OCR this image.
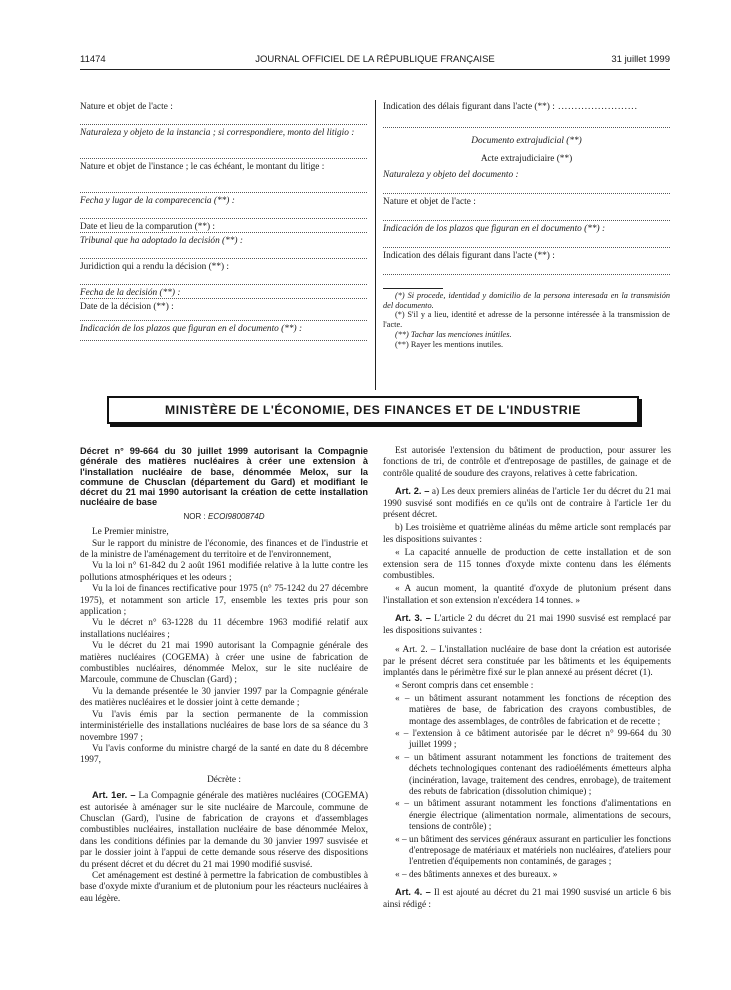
11474	JOURNAL OFFICIEL DE LA RÉPUBLIQUE FRANÇAISE	31 juillet 1999
Nature et objet de l'acte :
Naturaleza y objeto de la instancia ; si correspondiere, monto del litigio :
Nature et objet de l'instance ; le cas échéant, le montant du litige :
Fecha y lugar de la comparecencia (**) :
Date et lieu de la comparution (**) :
Tribunal que ha adoptado la decisión (**) :
Juridiction qui a rendu la décision (**) :
Fecha de la decisión (**) :
Date de la décision (**) :
Indicación de los plazos que figuran en el documento (**) :
Indication des délais figurant dans l'acte (**) : ........................
Documento extrajudicial (**)
Acte extrajudiciaire (**)
Naturaleza y objeto del documento :
Nature et objet de l'acte :
Indicación de los plazos que figuran en el documento (**) :
Indication des délais figurant dans l'acte (**) :
(*) Si procede, identidad y domicilio de la persona interesada en la transmisión del documento.
(*) S'il y a lieu, identité et adresse de la personne intéressée à la transmission de l'acte.
(**) Tachar las menciones inútiles.
(**) Rayer les mentions inutiles.
MINISTÈRE DE L'ÉCONOMIE, DES FINANCES ET DE L'INDUSTRIE
Décret n° 99-664 du 30 juillet 1999 autorisant la Compagnie générale des matières nucléaires à créer une extension à l'installation nucléaire de base, dénommée Melox, sur la commune de Chusclan (département du Gard) et modifiant le décret du 21 mai 1990 autorisant la création de cette installation nucléaire de base
NOR : ECOI9800874D
Le Premier ministre,
Sur le rapport du ministre de l'économie, des finances et de l'industrie et de la ministre de l'aménagement du territoire et de l'environnement,
Vu la loi n° 61-842 du 2 août 1961 modifiée relative à la lutte contre les pollutions atmosphériques et les odeurs ;
Vu la loi de finances rectificative pour 1975 (n° 75-1242 du 27 décembre 1975), et notamment son article 17, ensemble les textes pris pour son application ;
Vu le décret n° 63-1228 du 11 décembre 1963 modifié relatif aux installations nucléaires ;
Vu le décret du 21 mai 1990 autorisant la Compagnie générale des matières nucléaires (COGEMA) à créer une usine de fabrication de combustibles nucléaires, dénommée Melox, sur le site nucléaire de Marcoule, commune de Chusclan (Gard) ;
Vu la demande présentée le 30 janvier 1997 par la Compagnie générale des matières nucléaires et le dossier joint à cette demande ;
Vu l'avis émis par la section permanente de la commission interministérielle des installations nucléaires de base lors de sa séance du 3 novembre 1997 ;
Vu l'avis conforme du ministre chargé de la santé en date du 8 décembre 1997,
Décrète :
Art. 1er. – La Compagnie générale des matières nucléaires (COGEMA) est autorisée à aménager sur le site nucléaire de Marcoule, commune de Chusclan (Gard), l'usine de fabrication de crayons et d'assemblages combustibles nucléaires, installation nucléaire de base dénommée Melox, dans les conditions définies par la demande du 30 janvier 1997 susvisée et par le dossier joint à l'appui de cette demande sous réserve des dispositions du présent décret et du décret du 21 mai 1990 modifié susvisé.
Cet aménagement est destiné à permettre la fabrication de combustibles à base d'oxyde mixte d'uranium et de plutonium pour les réacteurs nucléaires à eau légère.
Est autorisée l'extension du bâtiment de production, pour assurer les fonctions de tri, de contrôle et d'entreposage de pastilles, de gainage et de contrôle qualité de soudure des crayons, relatives à cette fabrication.
Art. 2. – a) Les deux premiers alinéas de l'article 1er du décret du 21 mai 1990 susvisé sont modifiés en ce qu'ils ont de contraire à l'article 1er du présent décret.
b) Les troisième et quatrième alinéas du même article sont remplacés par les dispositions suivantes :
« La capacité annuelle de production de cette installation et de son extension sera de 115 tonnes d'oxyde mixte contenu dans les éléments combustibles.
« A aucun moment, la quantité d'oxyde de plutonium présent dans l'installation et son extension n'excédera 14 tonnes. »
Art. 3. – L'article 2 du décret du 21 mai 1990 susvisé est remplacé par les dispositions suivantes :
« Art. 2. – L'installation nucléaire de base dont la création est autorisée par le présent décret sera constituée par les bâtiments et les équipements implantés dans le périmètre fixé sur le plan annexé au présent décret (1).
« Seront compris dans cet ensemble :
« – un bâtiment assurant notamment les fonctions de réception des matières de base, de fabrication des crayons combustibles, de montage des assemblages, de contrôles de fabrication et de recette ;
« – l'extension à ce bâtiment autorisée par le décret n° 99-664 du 30 juillet 1999 ;
« – un bâtiment assurant notamment les fonctions de traitement des déchets technologiques contenant des radioéléments émetteurs alpha (incinération, lavage, traitement des cendres, enrobage), de traitement des rebuts de fabrication (dissolution chimique) ;
« – un bâtiment assurant notamment les fonctions d'alimentations en énergie électrique (alimentation normale, alimentations de secours, tensions de contrôle) ;
« – un bâtiment des services généraux assurant en particulier les fonctions d'entreposage de matériaux et matériels non nucléaires, d'ateliers pour l'entretien d'équipements non contaminés, de garages ;
« – des bâtiments annexes et des bureaux. »
Art. 4. – Il est ajouté au décret du 21 mai 1990 susvisé un article 6 bis ainsi rédigé :
